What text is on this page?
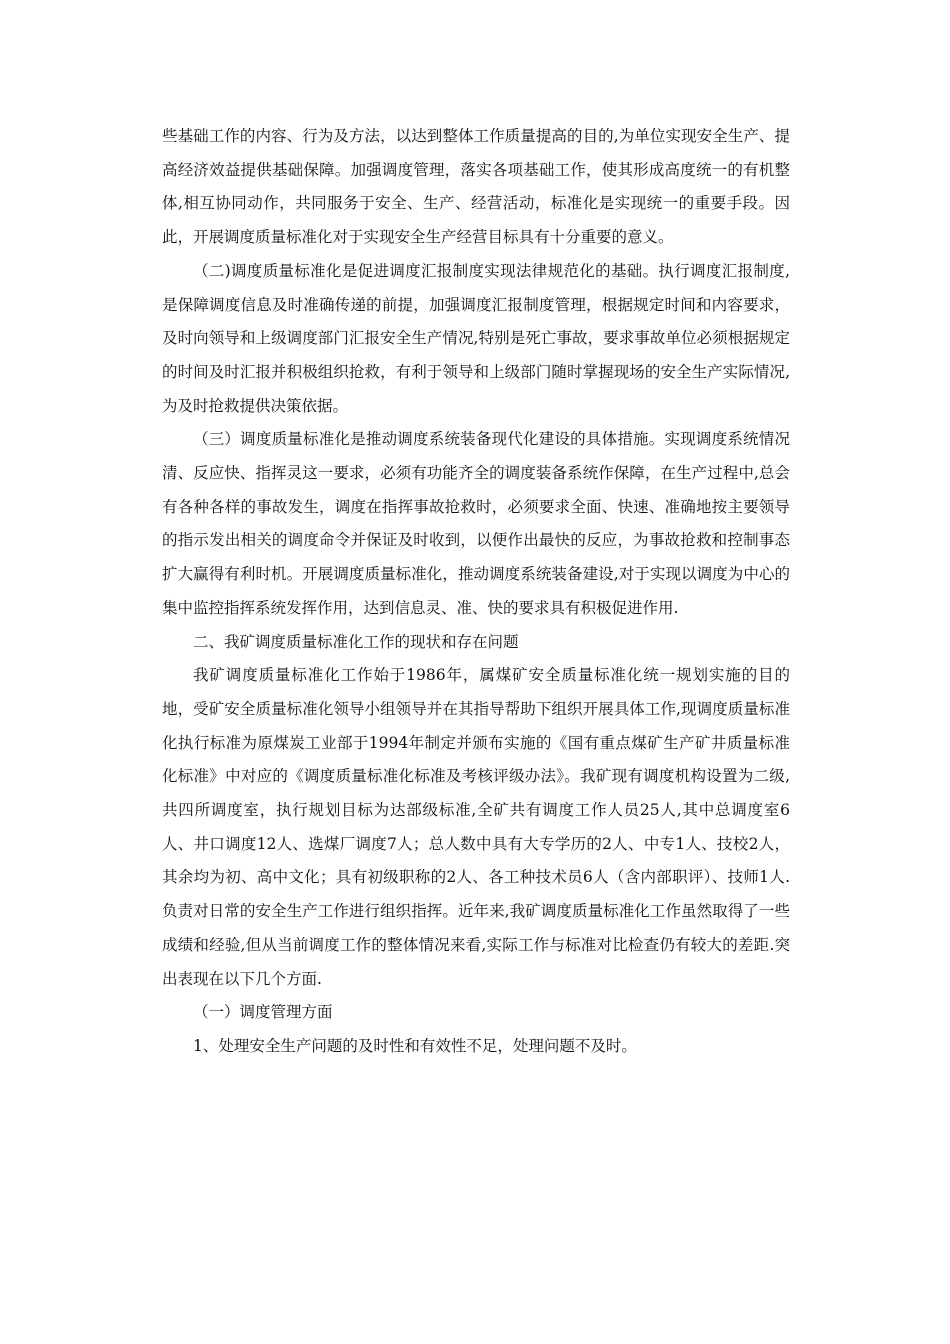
些基础工作的内容、行为及方法，以达到整体工作质量提高的目的,为单位实现安全生产、提高经济效益提供基础保障。加强调度管理，落实各项基础工作，使其形成高度统一的有机整体,相互协同动作，共同服务于安全、生产、经营活动，标准化是实现统一的重要手段。因此，开展调度质量标准化对于实现安全生产经营目标具有十分重要的意义。

（二)调度质量标准化是促进调度汇报制度实现法律规范化的基础。执行调度汇报制度,是保障调度信息及时准确传递的前提，加强调度汇报制度管理，根据规定时间和内容要求，及时向领导和上级调度部门汇报安全生产情况,特别是死亡事故，要求事故单位必须根据规定的时间及时汇报并积极组织抢救，有利于领导和上级部门随时掌握现场的安全生产实际情况,为及时抢救提供决策依据。

（三）调度质量标准化是推动调度系统装备现代化建设的具体措施。实现调度系统情况清、反应快、指挥灵这一要求，必须有功能齐全的调度装备系统作保障，在生产过程中,总会有各种各样的事故发生，调度在指挥事故抢救时，必须要求全面、快速、准确地按主要领导的指示发出相关的调度命令并保证及时收到，以便作出最快的反应，为事故抢救和控制事态扩大赢得有利时机。开展调度质量标准化，推动调度系统装备建设,对于实现以调度为中心的集中监控指挥系统发挥作用，达到信息灵、准、快的要求具有积极促进作用.

二、我矿调度质量标准化工作的现状和存在问题

我矿调度质量标准化工作始于1986年，属煤矿安全质量标准化统一规划实施的目的地，受矿安全质量标准化领导小组领导并在其指导帮助下组织开展具体工作,现调度质量标准化执行标准为原煤炭工业部于1994年制定并颁布实施的《国有重点煤矿生产矿井质量标准化标准》中对应的《调度质量标准化标准及考核评级办法》。我矿现有调度机构设置为二级,共四所调度室，执行规划目标为达部级标准,全矿共有调度工作人员25人,其中总调度室6人、井口调度12人、选煤厂调度7人；总人数中具有大专学历的2人、中专1人、技校2人，其余均为初、高中文化；具有初级职称的2人、各工种技术员6人（含内部职评）、技师1人.负责对日常的安全生产工作进行组织指挥。近年来,我矿调度质量标准化工作虽然取得了一些成绩和经验,但从当前调度工作的整体情况来看,实际工作与标准对比检查仍有较大的差距.突出表现在以下几个方面.

（一）调度管理方面

1、处理安全生产问题的及时性和有效性不足，处理问题不及时。
